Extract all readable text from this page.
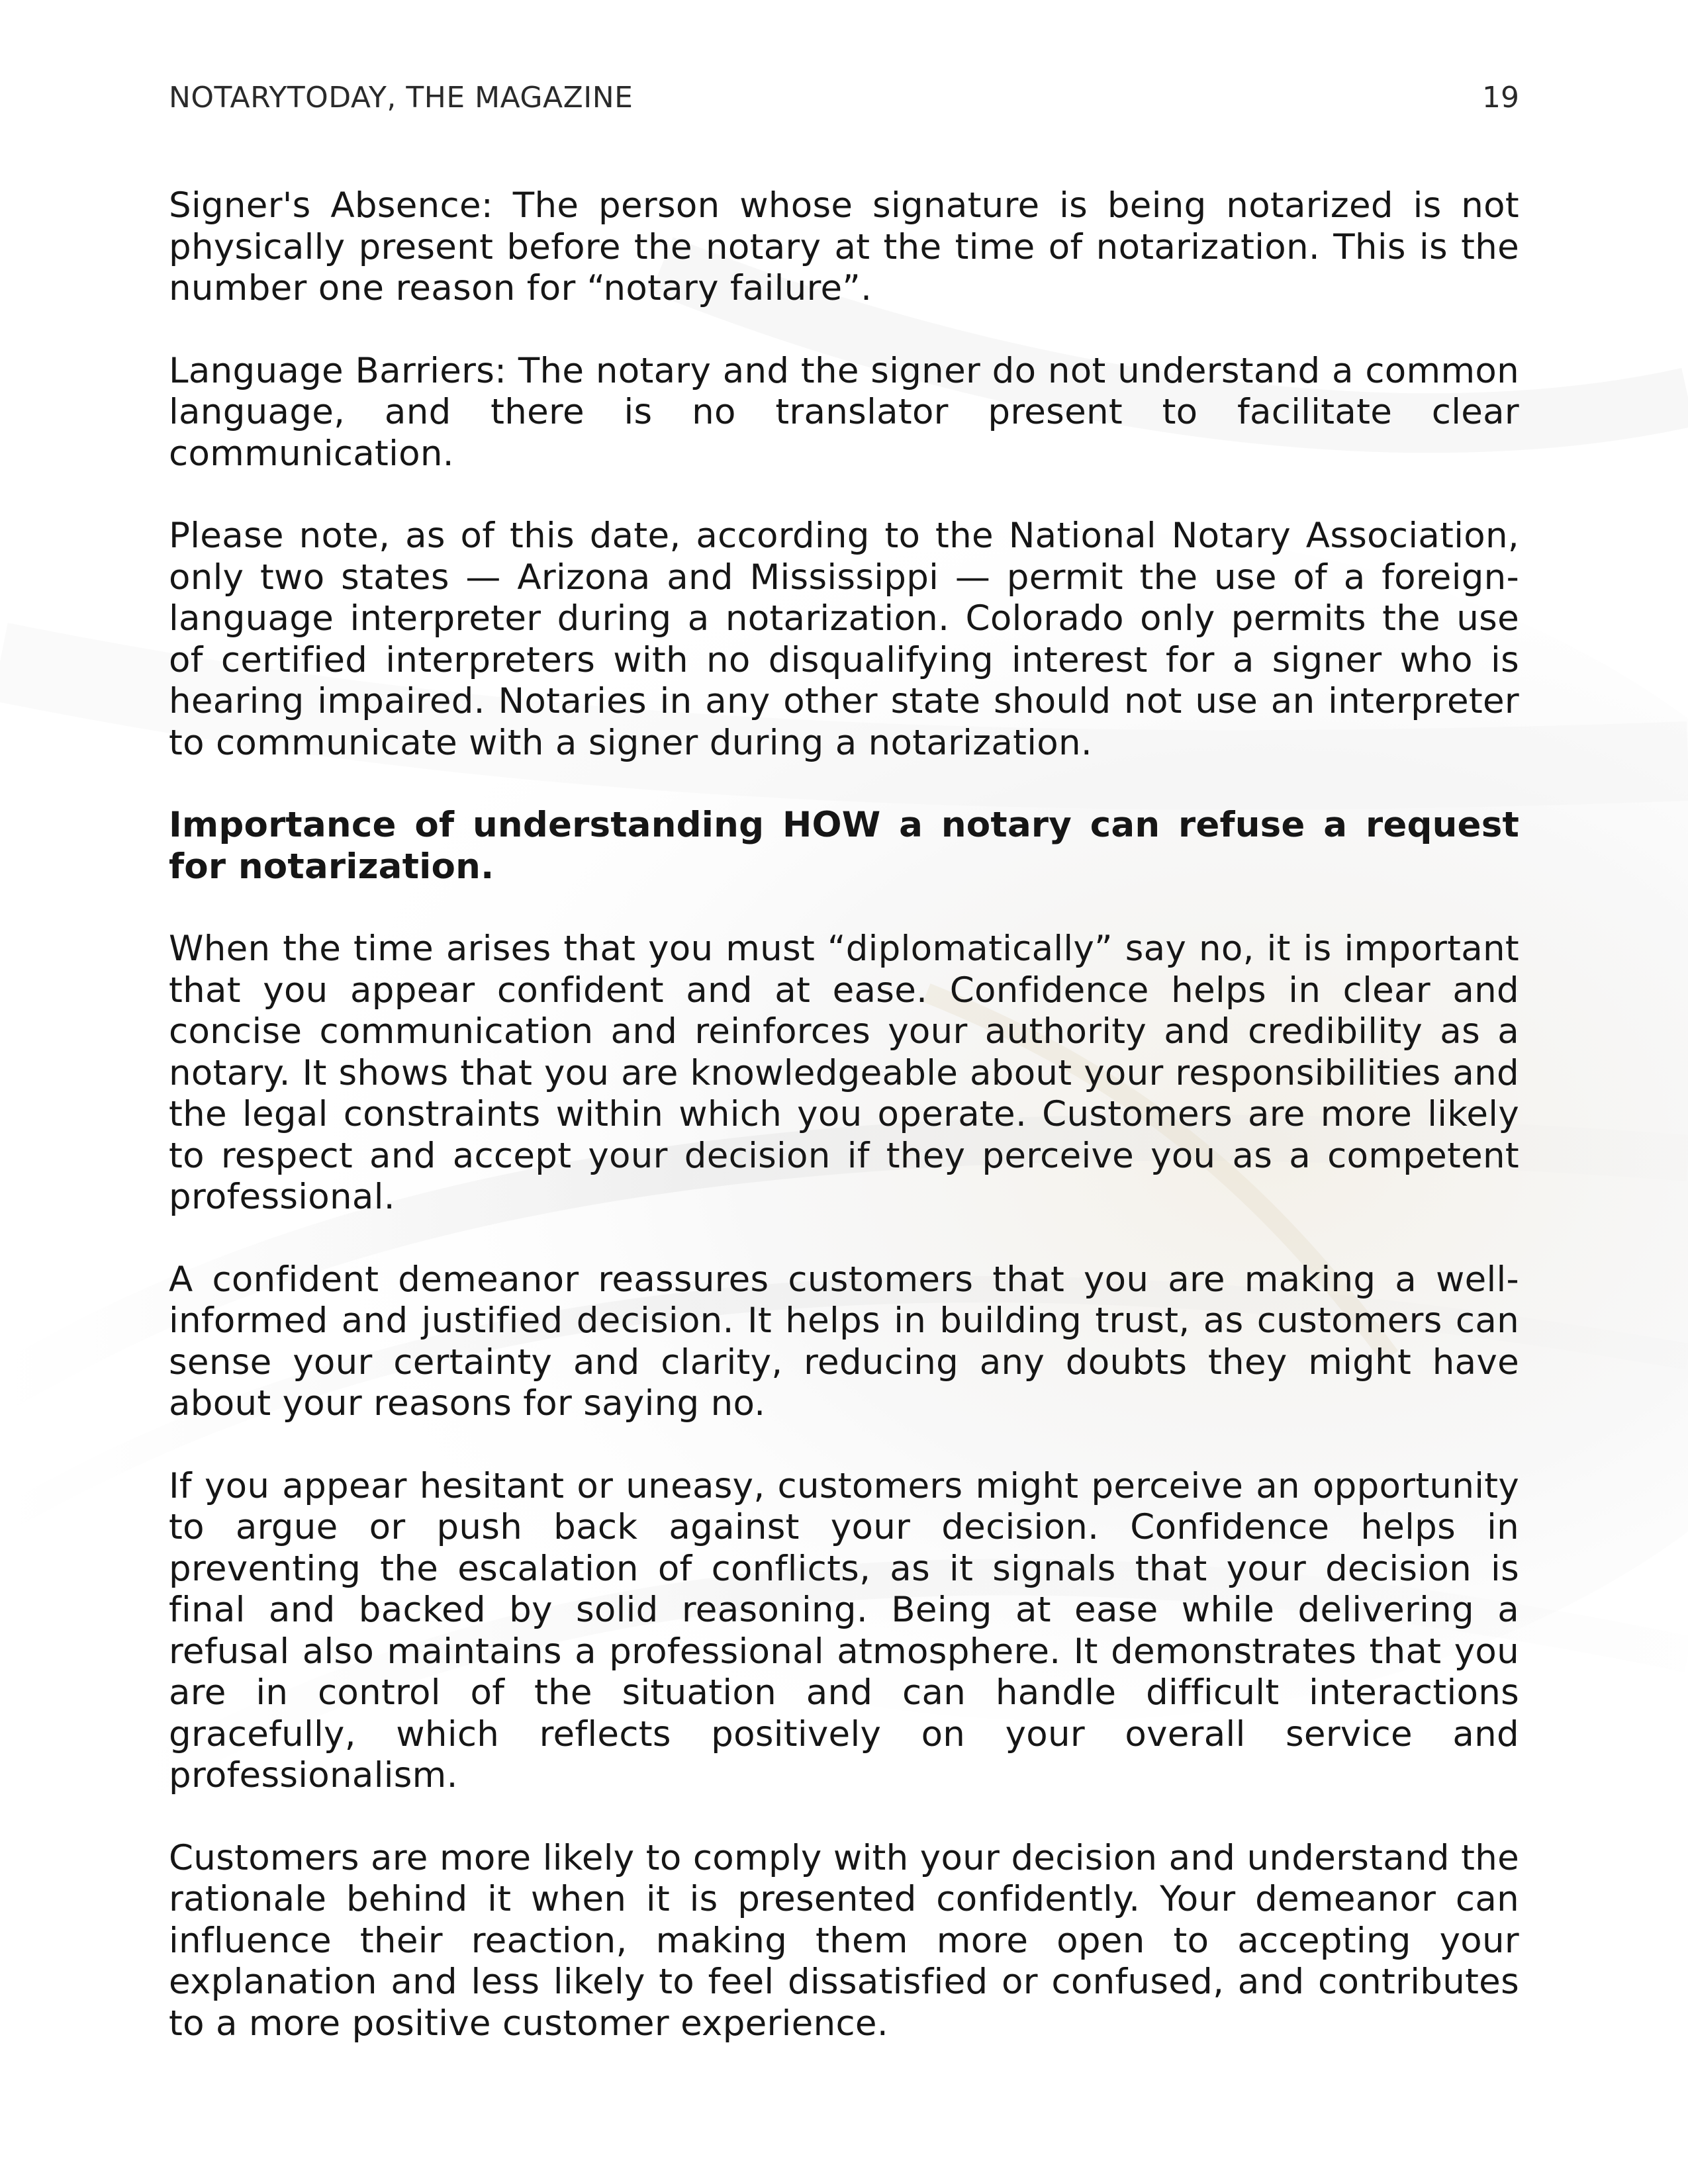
NOTARYTODAY, THE MAGAZINE	19

Signer's Absence: The person whose signature is being notarized is not physically present before the notary at the time of notarization. This is the number one reason for “notary failure”.

Language Barriers: The notary and the signer do not understand a common language, and there is no translator present to facilitate clear communication.

Please note, as of this date, according to the National Notary Association, only two states — Arizona and Mississippi — permit the use of a foreign-language interpreter during a notarization. Colorado only permits the use of certified interpreters with no disqualifying interest for a signer who is hearing impaired. Notaries in any other state should not use an interpreter to communicate with a signer during a notarization.

Importance of understanding HOW a notary can refuse a request for notarization.

When the time arises that you must “diplomatically” say no, it is important that you appear confident and at ease. Confidence helps in clear and concise communication and reinforces your authority and credibility as a notary. It shows that you are knowledgeable about your responsibilities and the legal constraints within which you operate. Customers are more likely to respect and accept your decision if they perceive you as a competent professional.

A confident demeanor reassures customers that you are making a well-informed and justified decision. It helps in building trust, as customers can sense your certainty and clarity, reducing any doubts they might have about your reasons for saying no.

If you appear hesitant or uneasy, customers might perceive an opportunity to argue or push back against your decision. Confidence helps in preventing the escalation of conflicts, as it signals that your decision is final and backed by solid reasoning. Being at ease while delivering a refusal also maintains a professional atmosphere. It demonstrates that you are in control of the situation and can handle difficult interactions gracefully, which reflects positively on your overall service and professionalism.

Customers are more likely to comply with your decision and understand the rationale behind it when it is presented confidently. Your demeanor can influence their reaction, making them more open to accepting your explanation and less likely to feel dissatisfied or confused, and contributes to a more positive customer experience.
